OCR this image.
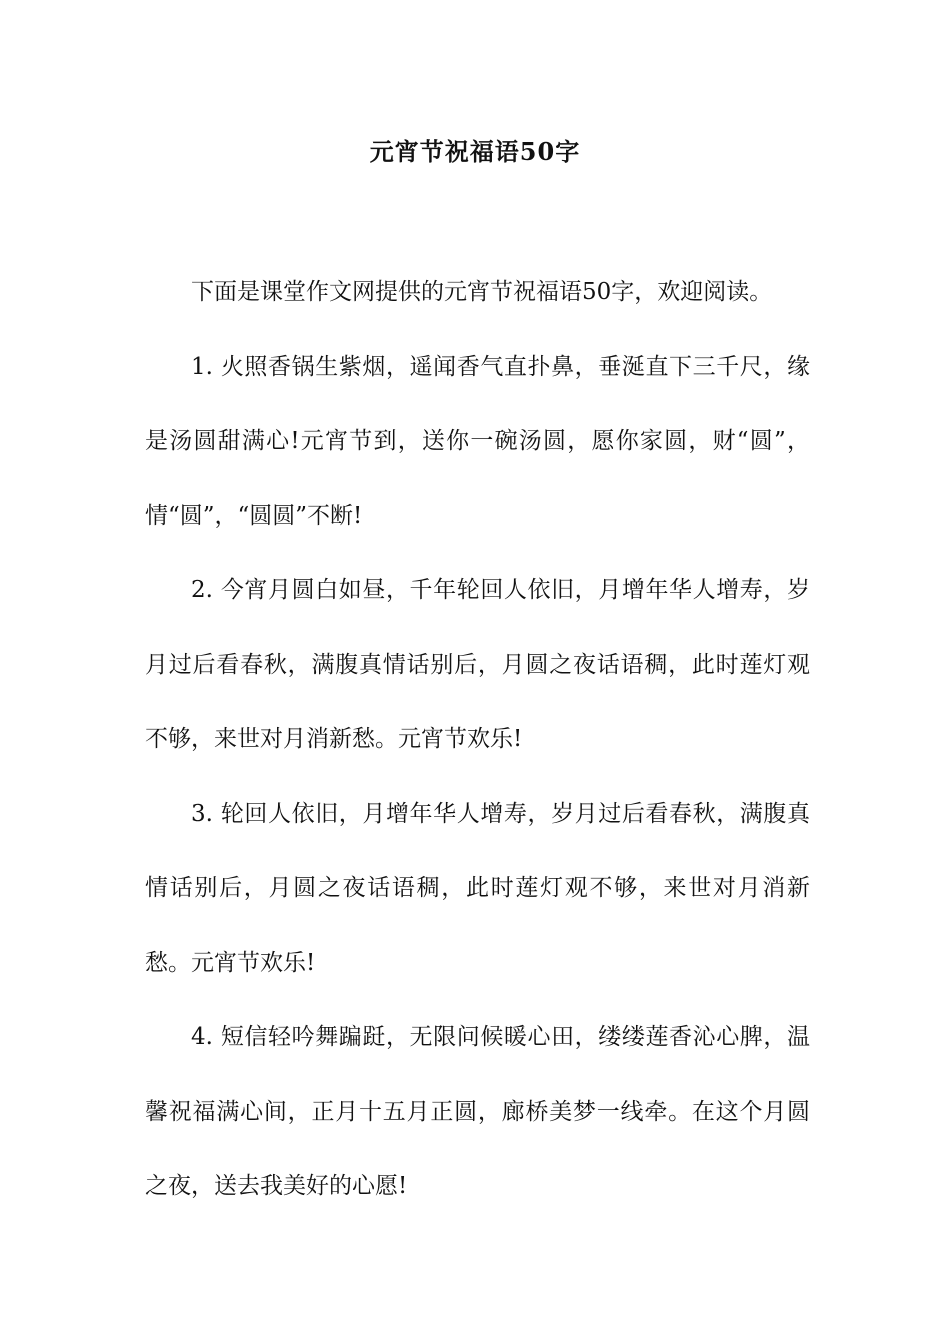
元宵节祝福语50字

下面是课堂作文网提供的元宵节祝福语50字，欢迎阅读。

1. 火照香锅生紫烟，遥闻香气直扑鼻，垂涎直下三千尺，缘是汤圆甜满心!元宵节到，送你一碗汤圆，愿你家圆，财“圆”，情“圆”，“圆圆”不断!

2. 今宵月圆白如昼，千年轮回人依旧，月增年华人增寿，岁月过后看春秋，满腹真情话别后，月圆之夜话语稠，此时莲灯观不够，来世对月消新愁。元宵节欢乐!

3. 轮回人依旧，月增年华人增寿，岁月过后看春秋，满腹真情话别后，月圆之夜话语稠，此时莲灯观不够，来世对月消新愁。元宵节欢乐!

4. 短信轻吟舞蹁跹，无限问候暖心田，缕缕莲香沁心脾，温馨祝福满心间，正月十五月正圆，廊桥美梦一线牵。在这个月圆之夜，送去我美好的心愿!
